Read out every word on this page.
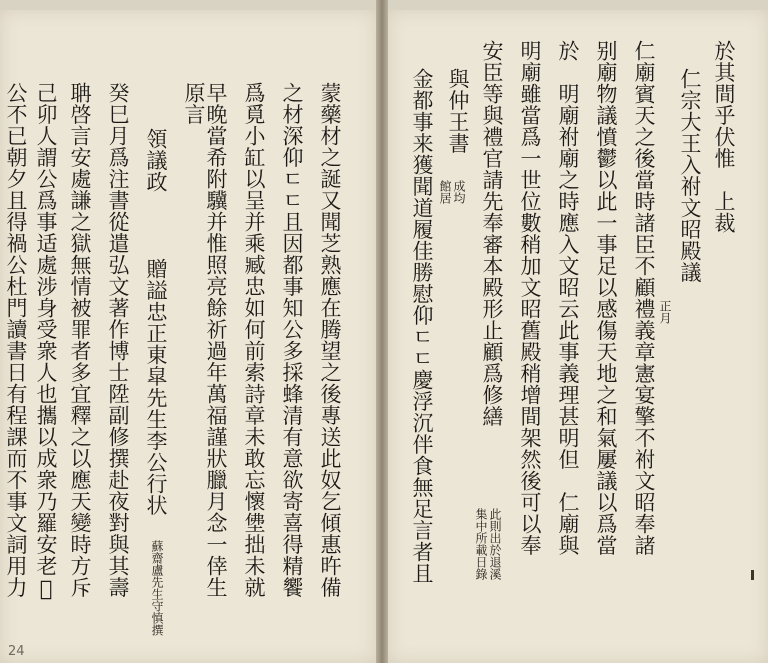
於其間乎伏惟　上裁
仁宗大王入祔文昭殿議
正月
仁廟賓天之後當時諸臣不顧禮義章憲宴擎不祔文昭奉諸
别廟物議憤鬱以此一事足以感傷天地之和氣屢議以爲當
於　明廟祔廟之時應入文昭云此事義理甚明但　仁廟與
明廟雖當爲一世位數稍加文昭舊殿稍增間架然後可以奉
安臣等與禮官請先奉審本殿形止顧爲修繕
此則出於退溪
集中所載日錄
與仲王書
成均
館居
金都事来獲聞道履佳勝慰仰ㄷㄷ慶浮沉伴食無足言者且
蒙藥材之誕又聞芝熟應在腾望之後專送此奴乞傾惠旿備
之材深仰ㄷㄷ且因都事知公多採蜂清有意欲寄喜得精饗
爲覓小缸以呈并乘臧忠如何前索詩章未敢忘懷𡌅拙未就
早晚當希附驥并惟照亮餘祈過年萬福謹狀臘月念一倖生
原言
領議政
贈謚忠正東皐先生李公行状
蘇齋盧先生守慎撰
癸巳月爲注書從遣弘文著作博士陞副修撰赴夜對與其壽
聃啓言安處謙之獄無情被罪者多宜釋之以應天變時方斥
己卯人謂公爲事适處涉身受衆人也攜以成衆乃羅安老𠡠
公不已朝夕且得禍公杜門讀書日有程課而不事文詞用力
24
